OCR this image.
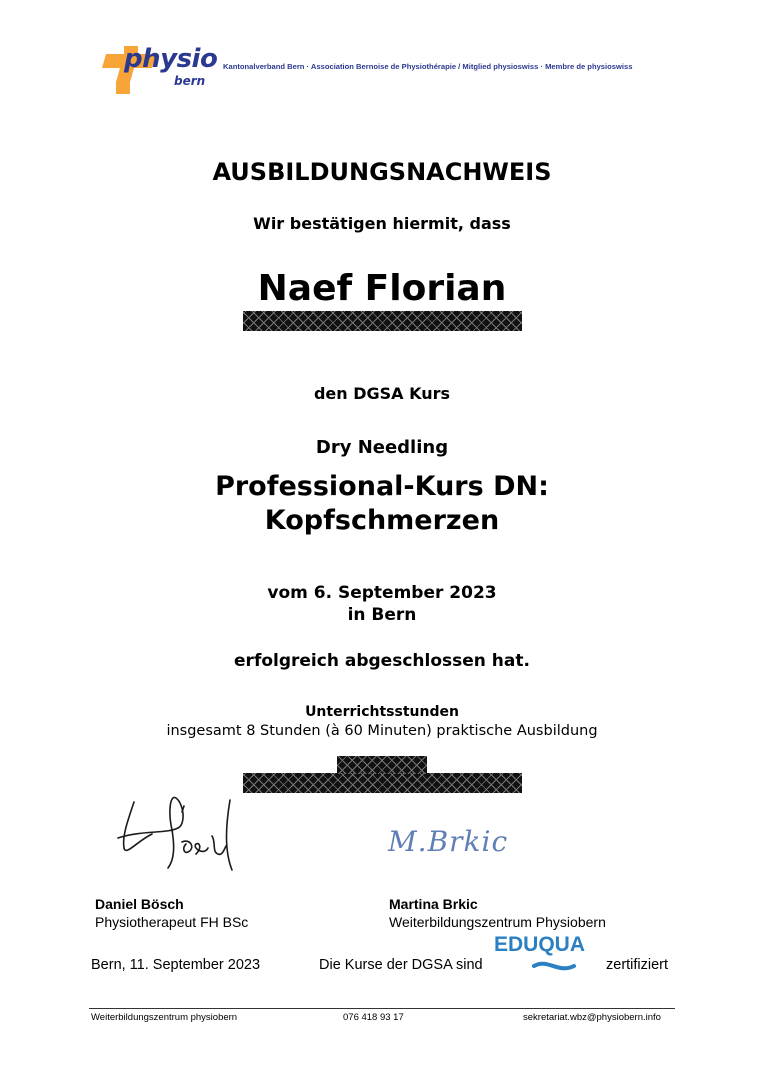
physio
bern
Kantonalverband Bern · Association Bernoise de Physiothérapie / Mitglied physioswiss · Membre de physioswiss
AUSBILDUNGSNACHWEIS
Wir bestätigen hiermit, dass
Naef Florian
den DGSA Kurs
Dry Needling
Professional-Kurs DN:
Kopfschmerzen
vom 6. September 2023
in Bern
erfolgreich abgeschlossen hat.
Unterrichtsstunden
insgesamt 8 Stunden (à 60 Minuten) praktische Ausbildung
M.Brkic
Daniel Bösch
Physiotherapeut FH BSc
Martina Brkic
Weiterbildungszentrum Physiobern
Bern, 11. September 2023	Die Kurse der DGSA sind
EDUQUA
zertifiziert
Weiterbildungszentrum physiobern	076 418 93 17	sekretariat.wbz@physiobern.info
